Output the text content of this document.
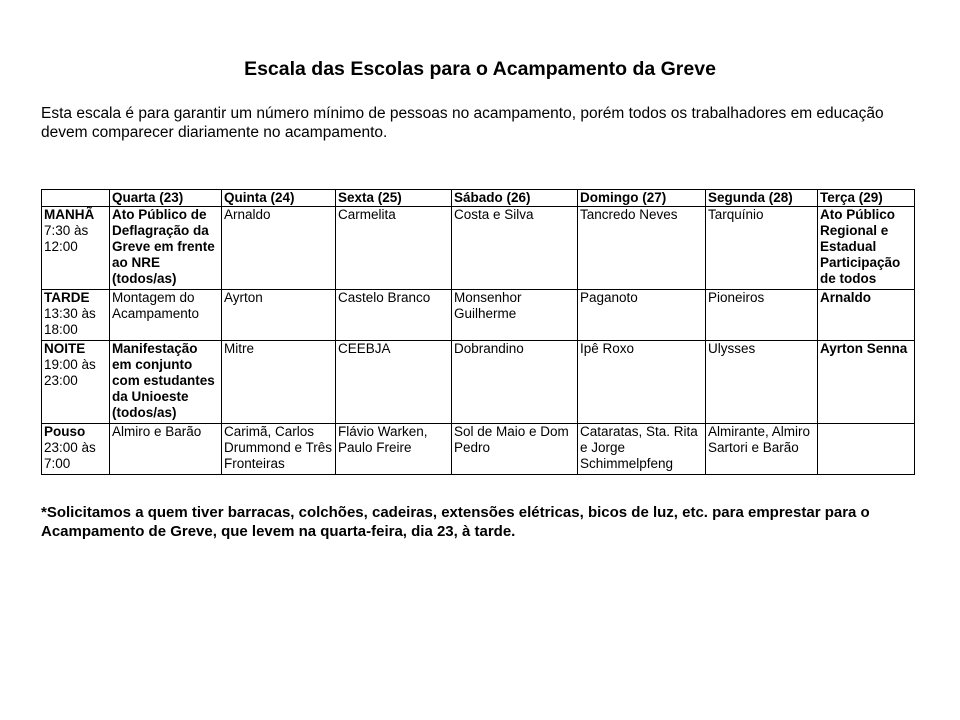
Escala das Escolas para o Acampamento da Greve
Esta escala é para garantir um número mínimo de pessoas no acampamento, porém todos os trabalhadores em educação devem comparecer diariamente no acampamento.
	Quarta (23)	Quinta (24)	Sexta (25)	Sábado (26)	Domingo (27)	Segunda (28)	Terça (29)

MANHÃ
7:30 às
12:00	Ato Público de Deflagração da Greve em frente ao NRE (todos/as)	Arnaldo	Carmelita	Costa e Silva	Tancredo Neves	Tarquínio	Ato Público Regional e Estadual Participação de todos

TARDE
13:30 às
18:00	Montagem do Acampamento	Ayrton	Castelo Branco	Monsenhor Guilherme	Paganoto	Pioneiros	Arnaldo

NOITE
19:00 às
23:00	Manifestação em conjunto com estudantes da Unioeste (todos/as)	Mitre	CEEBJA	Dobrandino	Ipê Roxo	Ulysses	Ayrton Senna

Pouso
23:00 às
7:00	Almiro e Barão	Carimã, Carlos Drummond e Três Fronteiras	Flávio Warken, Paulo Freire	Sol de Maio e Dom Pedro	Cataratas, Sta. Rita e Jorge Schimmelpfeng	Almirante, Almiro Sartori e Barão	
*Solicitamos a quem tiver barracas, colchões, cadeiras, extensões elétricas, bicos de luz, etc. para emprestar para o Acampamento de Greve, que levem na quarta-feira, dia 23, à tarde.
